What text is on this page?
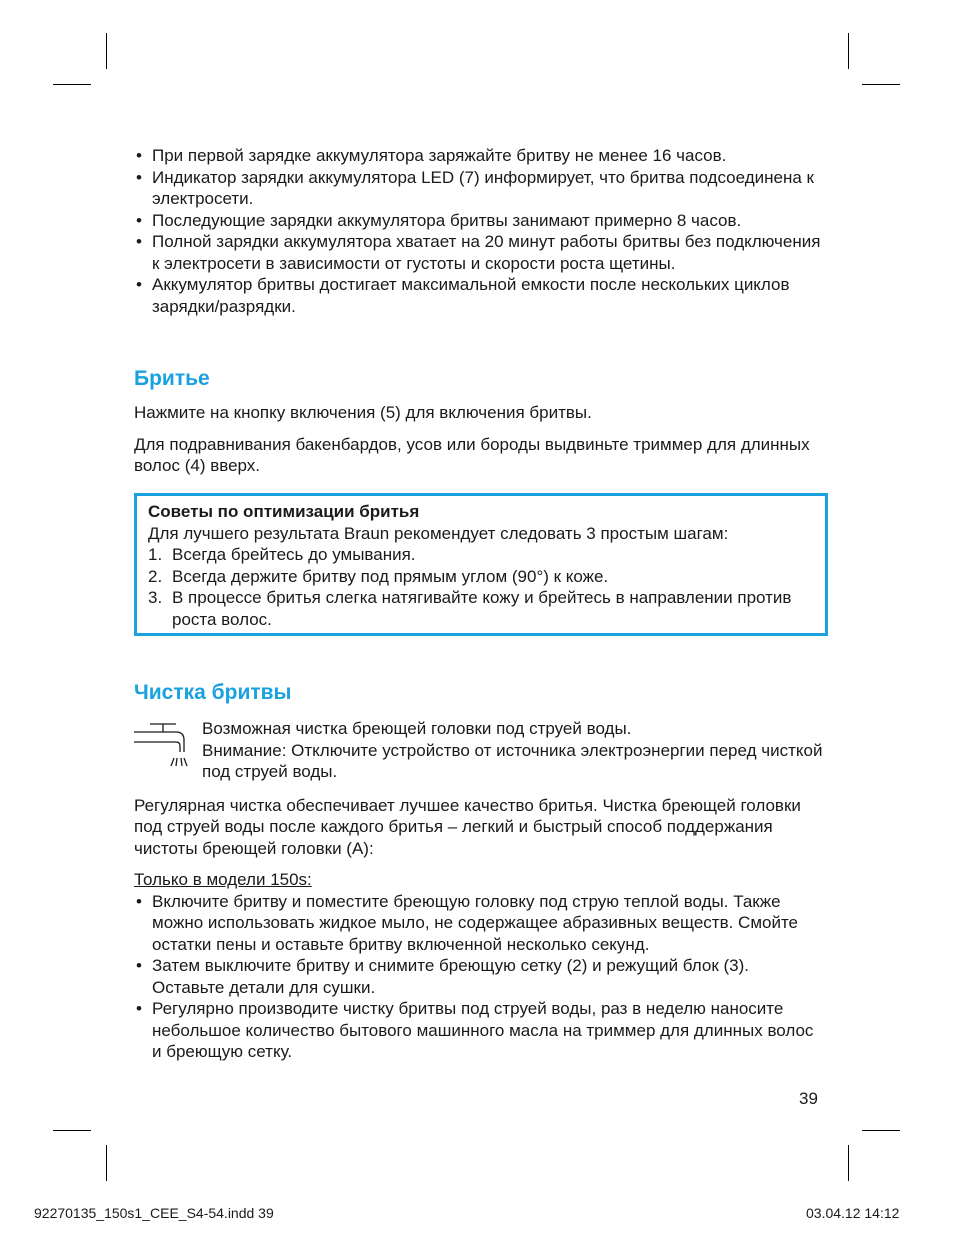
• При первой зарядке аккумулятора заряжайте бритву не менее 16 часов.
• Индикатор зарядки аккумулятора LED (7) информирует, что бритва подсоединена к электросети.
• Последующие зарядки аккумулятора бритвы занимают примерно 8 часов.
• Полной зарядки аккумулятора хватает на 20 минут работы бритвы без подключения к электросети в зависимости от густоты и скорости роста щетины.
• Аккумулятор бритвы достигает максимальной емкости после нескольких циклов зарядки/разрядки.
Бритье

Нажмите на кнопку включения (5) для включения бритвы.

Для подравнивания бакенбардов, усов или бороды выдвиньте триммер для длинных волос (4) вверх.

Советы по оптимизации бритья
Для лучшего результата Braun рекомендует следовать 3 простым шагам:
1. Всегда брейтесь до умывания.
2. Всегда держите бритву под прямым углом (90°) к коже.
3. В процессе бритья слегка натягивайте кожу и брейтесь в направлении против роста волос.
Чистка бритвы
Возможная чистка бреющей головки под струей воды.
Внимание: Отключите устройство от источника электроэнергии перед чисткой под струей воды.

Регулярная чистка обеспечивает лучшее качество бритья. Чистка бреющей головки под струей воды после каждого бритья – легкий и быстрый способ поддержания чистоты бреющей головки (A):

Только в модели 150s:

• Включите бритву и поместите бреющую головку под струю теплой воды. Также можно использовать жидкое мыло, не содержащее абразивных веществ. Смойте остатки пены и оставьте бритву включенной несколько секунд.
• Затем выключите бритву и снимите бреющую сетку (2) и режущий блок (3). Оставьте детали для сушки.
• Регулярно производите чистку бритвы под струей воды, раз в неделю наносите небольшое количество бытового машинного масла на триммер для длинных волос и бреющую сетку.
39
92270135_150s1_CEE_S4-54.indd 39	03.04.12 14:12
